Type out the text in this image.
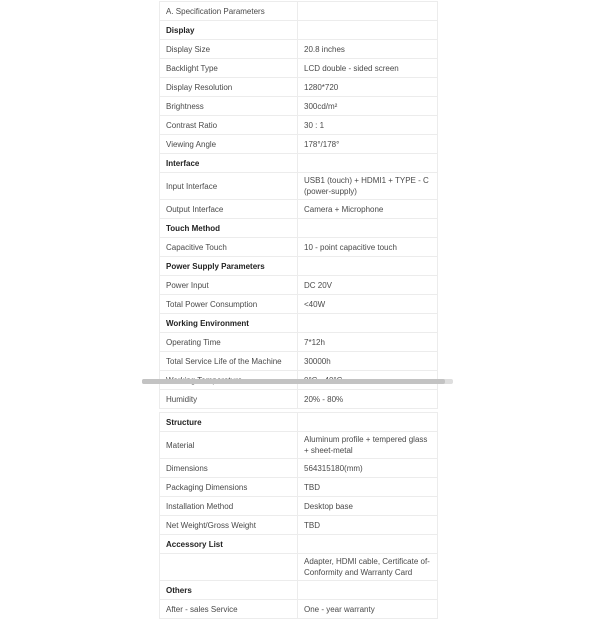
A. Specification Parameters	
Display	
Display Size	20.8 inches
Backlight Type	LCD double - sided screen
Display Resolution	1280*720
Brightness	300cd/m²
Contrast Ratio	30 : 1
Viewing Angle	178°/178°
Interface	
Input Interface	USB1 (touch) + HDMI1 + TYPE - C (power-supply)
Output Interface	Camera + Microphone
Touch Method	
Capacitive Touch	10 - point capacitive touch
Power Supply Parameters	
Power Input	DC 20V
Total Power Consumption	<40W
Working Environment	
Operating Time	7*12h
Total Service Life of the Machine	30000h

Humidity	20% - 80%
Structure	
Material	Aluminum profile + tempered glass + sheet-metal
Dimensions	564315180(mm)
Packaging Dimensions	TBD
Installation Method	Desktop base
Net Weight/Gross Weight	TBD
Accessory List	
	Adapter, HDMI cable, Certificate of-Conformity and Warranty Card
Others	
After - sales Service	One - year warranty
